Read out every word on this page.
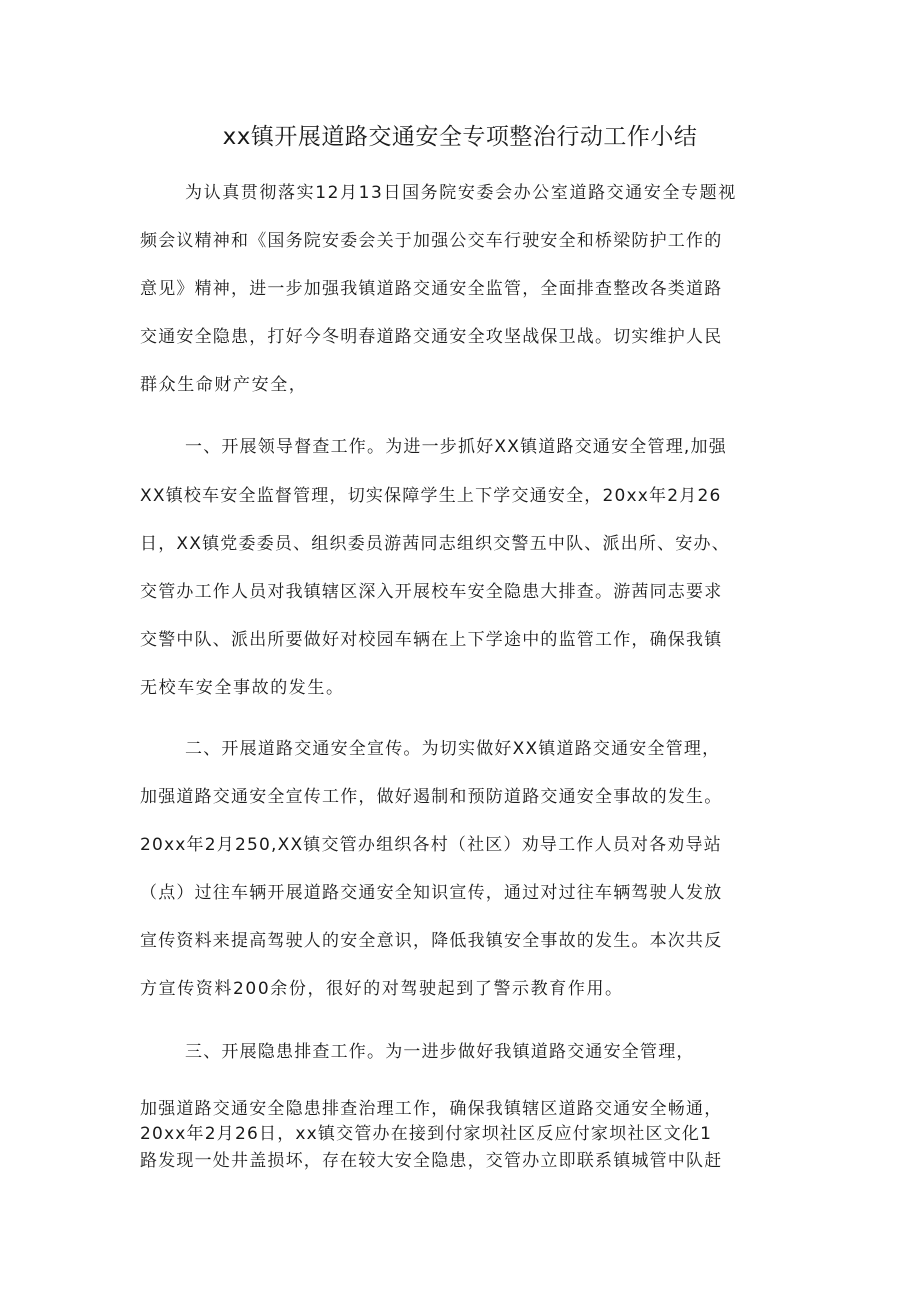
xx镇开展道路交通安全专项整治行动工作小结
为认真贯彻落实12月13日国务院安委会办公室道路交通安全专题视
频会议精神和《国务院安委会关于加强公交车行驶安全和桥梁防护工作的
意见》精神，进一步加强我镇道路交通安全监管，全面排查整改各类道路
交通安全隐患，打好今冬明春道路交通安全攻坚战保卫战。切实维护人民
群众生命财产安全，
一、开展领导督查工作。为进一步抓好XX镇道路交通安全管理,加强
XX镇校车安全监督管理，切实保障学生上下学交通安全，20xx年2月26
日，XX镇党委委员、组织委员游茜同志组织交警五中队、派出所、安办、
交管办工作人员对我镇辖区深入开展校车安全隐患大排查。游茜同志要求
交警中队、派出所要做好对校园车辆在上下学途中的监管工作，确保我镇
无校车安全事故的发生。
二、开展道路交通安全宣传。为切实做好XX镇道路交通安全管理，
加强道路交通安全宣传工作，做好遏制和预防道路交通安全事故的发生。
20xx年2月250,XX镇交管办组织各村（社区）劝导工作人员对各劝导站
（点）过往车辆开展道路交通安全知识宣传，通过对过往车辆驾驶人发放
宣传资料来提高驾驶人的安全意识，降低我镇安全事故的发生。本次共反
方宣传资料200余份，很好的对驾驶起到了警示教育作用。
三、开展隐患排查工作。为一进步做好我镇道路交通安全管理，
加强道路交通安全隐患排查治理工作，确保我镇辖区道路交通安全畅通，
20xx年2月26日，xx镇交管办在接到付家坝社区反应付家坝社区文化1
路发现一处井盖损坏，存在较大安全隐患，交管办立即联系镇城管中队赶
